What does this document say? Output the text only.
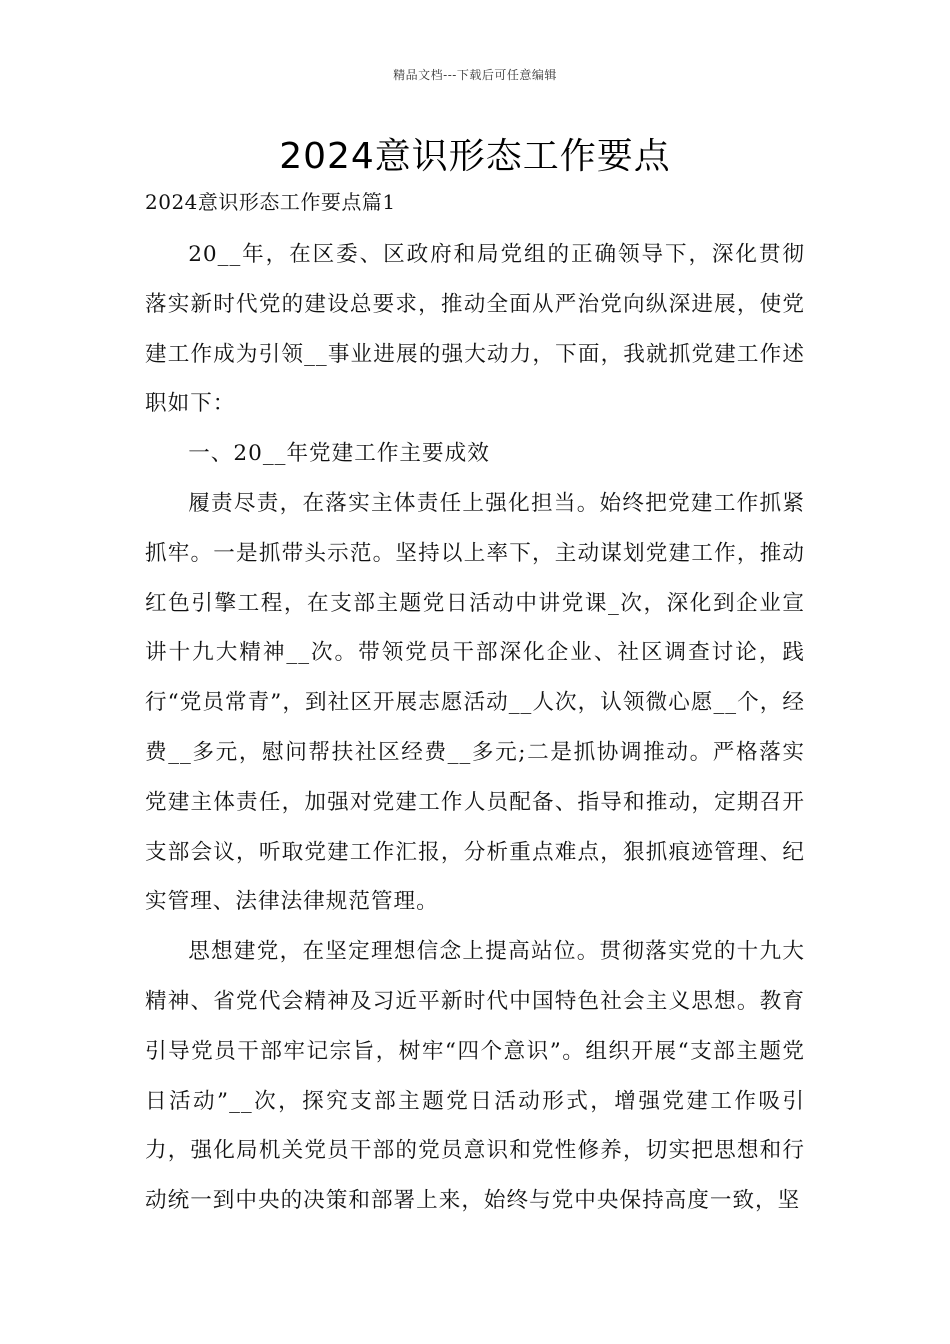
精品文档---下载后可任意编辑
2024意识形态工作要点
2024意识形态工作要点篇1

20__年，在区委、区政府和局党组的正确领导下，深化贯彻落实新时代党的建设总要求，推动全面从严治党向纵深进展，使党建工作成为引领__事业进展的强大动力，下面，我就抓党建工作述职如下：

一、20__年党建工作主要成效

履责尽责，在落实主体责任上强化担当。始终把党建工作抓紧抓牢。一是抓带头示范。坚持以上率下，主动谋划党建工作，推动红色引擎工程，在支部主题党日活动中讲党课_次，深化到企业宣讲十九大精神__次。带领党员干部深化企业、社区调查讨论，践行“党员常青”，到社区开展志愿活动__人次，认领微心愿__个，经费__多元，慰问帮扶社区经费__多元;二是抓协调推动。严格落实党建主体责任，加强对党建工作人员配备、指导和推动，定期召开支部会议，听取党建工作汇报，分析重点难点，狠抓痕迹管理、纪实管理、法律法律规范管理。

思想建党，在坚定理想信念上提高站位。贯彻落实党的十九大精神、省党代会精神及习近平新时代中国特色社会主义思想。教育引导党员干部牢记宗旨，树牢“四个意识”。组织开展“支部主题党日活动”__次，探究支部主题党日活动形式，增强党建工作吸引力，强化局机关党员干部的党员意识和党性修养，切实把思想和行动统一到中央的决策和部署上来，始终与党中央保持高度一致，坚
